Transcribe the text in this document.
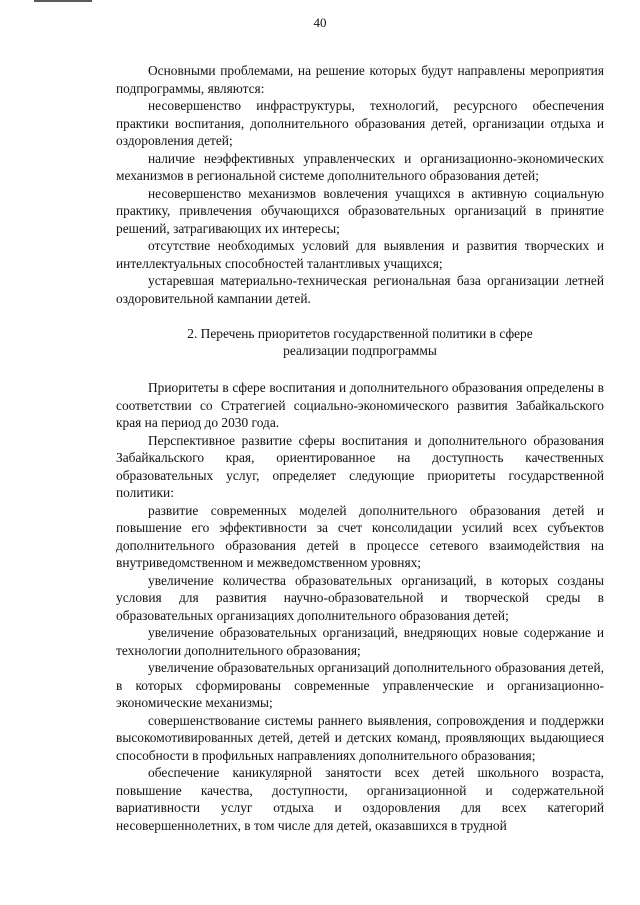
40

Основными проблемами, на решение которых будут направлены мероприятия подпрограммы, являются:

несовершенство инфраструктуры, технологий, ресурсного обеспечения практики воспитания, дополнительного образования детей, организации отдыха и оздоровления детей;

наличие неэффективных управленческих и организационно-экономических механизмов в региональной системе дополнительного образования детей;

несовершенство механизмов вовлечения учащихся в активную социальную практику, привлечения обучающихся образовательных организаций в принятие решений, затрагивающих их интересы;

отсутствие необходимых условий для выявления и развития творческих и интеллектуальных способностей талантливых учащихся;

устаревшая материально-техническая региональная база организации летней оздоровительной кампании детей.

2. Перечень приоритетов государственной политики в сфере
реализации подпрограммы

Приоритеты в сфере воспитания и дополнительного образования определены в соответствии со Стратегией социально-экономического развития Забайкальского края на период до 2030 года.

Перспективное развитие сферы воспитания и дополнительного образования Забайкальского края, ориентированное на доступность качественных образовательных услуг, определяет следующие приоритеты государственной политики:

развитие современных моделей дополнительного образования детей и повышение его эффективности за счет консолидации усилий всех субъектов дополнительного образования детей в процессе сетевого взаимодействия на внутриведомственном и межведомственном уровнях;

увеличение количества образовательных организаций, в которых созданы условия для развития научно-образовательной и творческой среды в образовательных организациях дополнительного образования детей;

увеличение образовательных организаций, внедряющих новые содержание и технологии дополнительного образования;

увеличение образовательных организаций дополнительного образования детей, в которых сформированы современные управленческие и организационно-экономические механизмы;

совершенствование системы раннего выявления, сопровождения и поддержки высокомотивированных детей, детей и детских команд, проявляющих выдающиеся способности в профильных направлениях дополнительного образования;

обеспечение каникулярной занятости всех детей школьного возраста, повышение качества, доступности, организационной и содержательной вариативности услуг отдыха и оздоровления для всех категорий несовершеннолетних, в том числе для детей, оказавшихся в трудной
